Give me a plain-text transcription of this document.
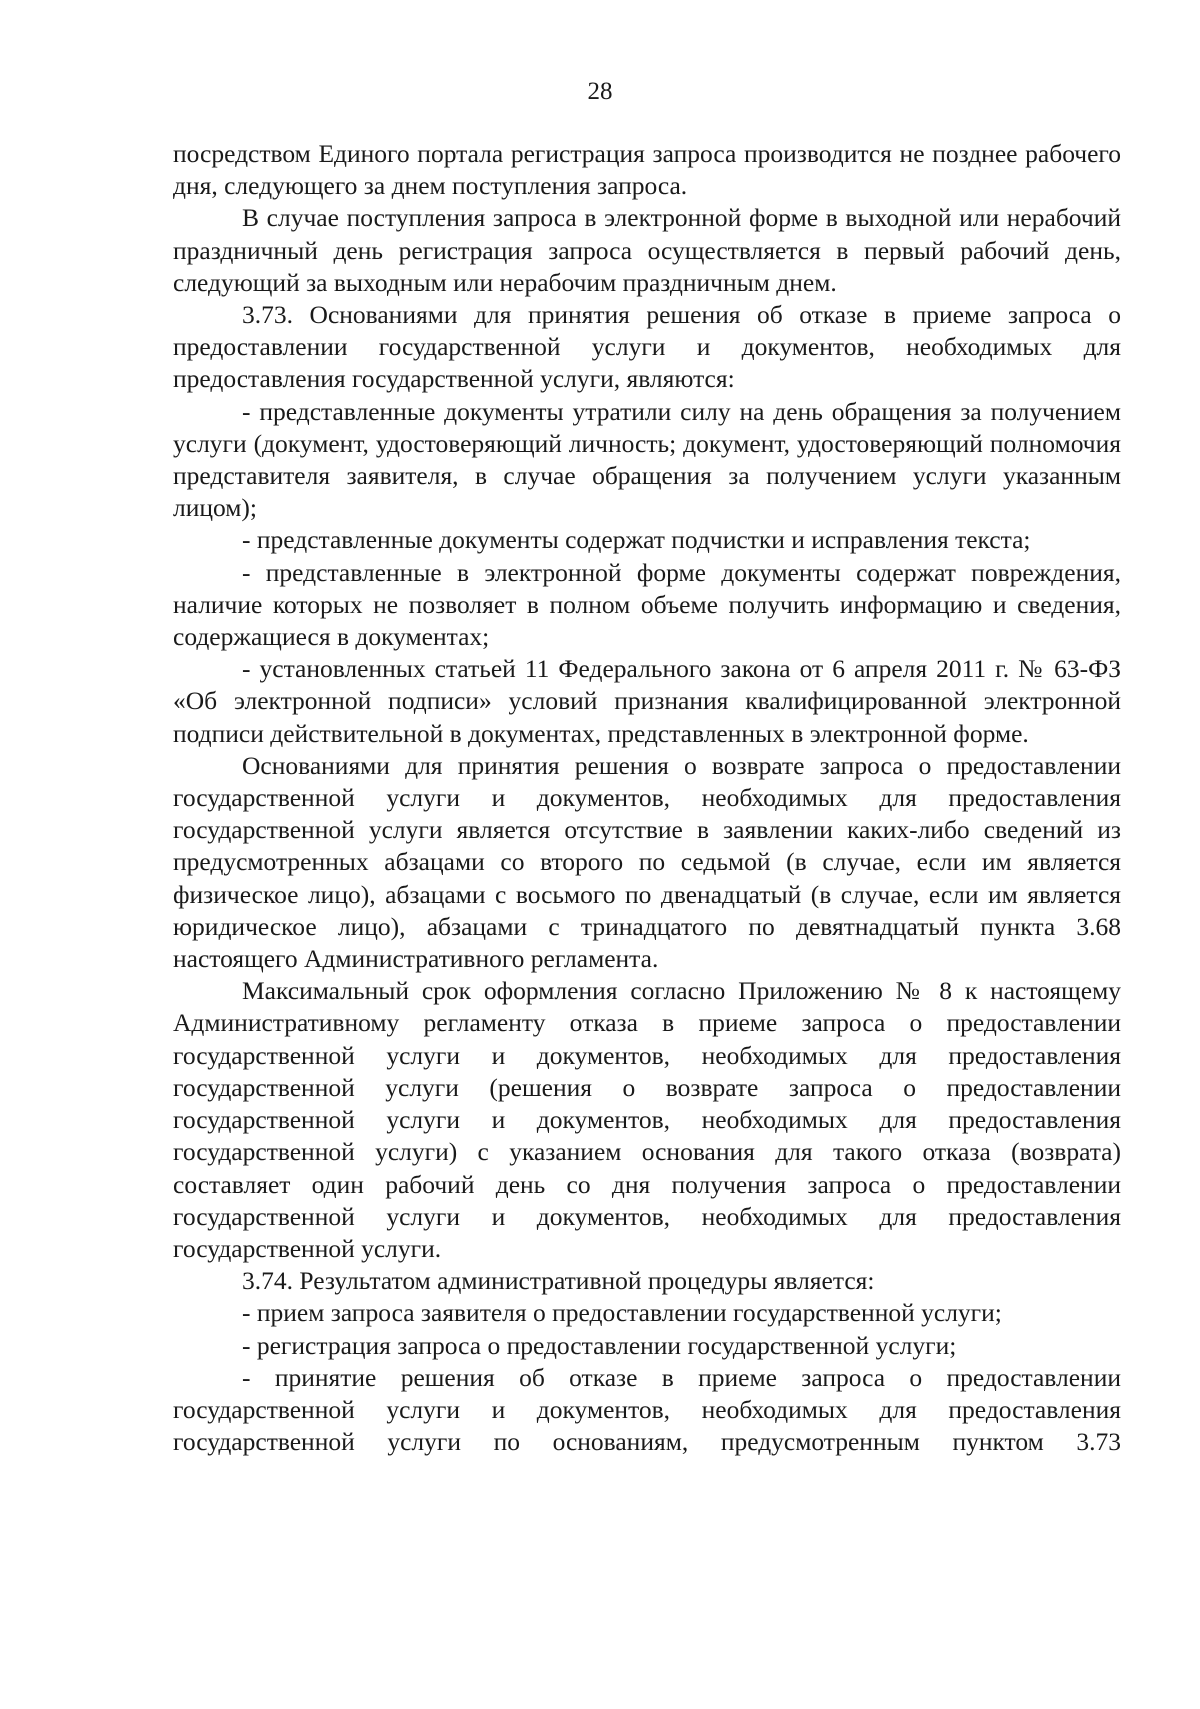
28

посредством Единого портала регистрация запроса производится не позднее рабочего дня, следующего за днем поступления запроса.

В случае поступления запроса в электронной форме в выходной или нерабочий праздничный день регистрация запроса осуществляется в первый рабочий день, следующий за выходным или нерабочим праздничным днем.

3.73. Основаниями для принятия решения об отказе в приеме запроса о предоставлении государственной услуги и документов, необходимых для предоставления государственной услуги, являются:

- представленные документы утратили силу на день обращения за получением услуги (документ, удостоверяющий личность; документ, удостоверяющий полномочия представителя заявителя, в случае обращения за получением услуги указанным лицом);

- представленные документы содержат подчистки и исправления текста;

- представленные в электронной форме документы содержат повреждения, наличие которых не позволяет в полном объеме получить информацию и сведения, содержащиеся в документах;

- установленных статьей 11 Федерального закона от 6 апреля 2011 г. № 63-ФЗ «Об электронной подписи» условий признания квалифицированной электронной подписи действительной в документах, представленных в электронной форме.

Основаниями для принятия решения о возврате запроса о предоставлении государственной услуги и документов, необходимых для предоставления государственной услуги является отсутствие в заявлении каких-либо сведений из предусмотренных абзацами со второго по седьмой (в случае, если им является физическое лицо), абзацами с восьмого по двенадцатый (в случае, если им является юридическое лицо), абзацами с тринадцатого по девятнадцатый пункта 3.68 настоящего Административного регламента.

Максимальный срок оформления согласно Приложению № 8 к настоящему Административному регламенту отказа в приеме запроса о предоставлении государственной услуги и документов, необходимых для предоставления государственной услуги (решения о возврате запроса о предоставлении государственной услуги и документов, необходимых для предоставления государственной услуги) с указанием основания для такого отказа (возврата) составляет один рабочий день со дня получения запроса о предоставлении государственной услуги и документов, необходимых для предоставления государственной услуги.

3.74. Результатом административной процедуры является:

- прием запроса заявителя о предоставлении государственной услуги;

- регистрация запроса о предоставлении государственной услуги;

- принятие решения об отказе в приеме запроса о предоставлении государственной услуги и документов, необходимых для предоставления государственной услуги по основаниям, предусмотренным пунктом 3.73
